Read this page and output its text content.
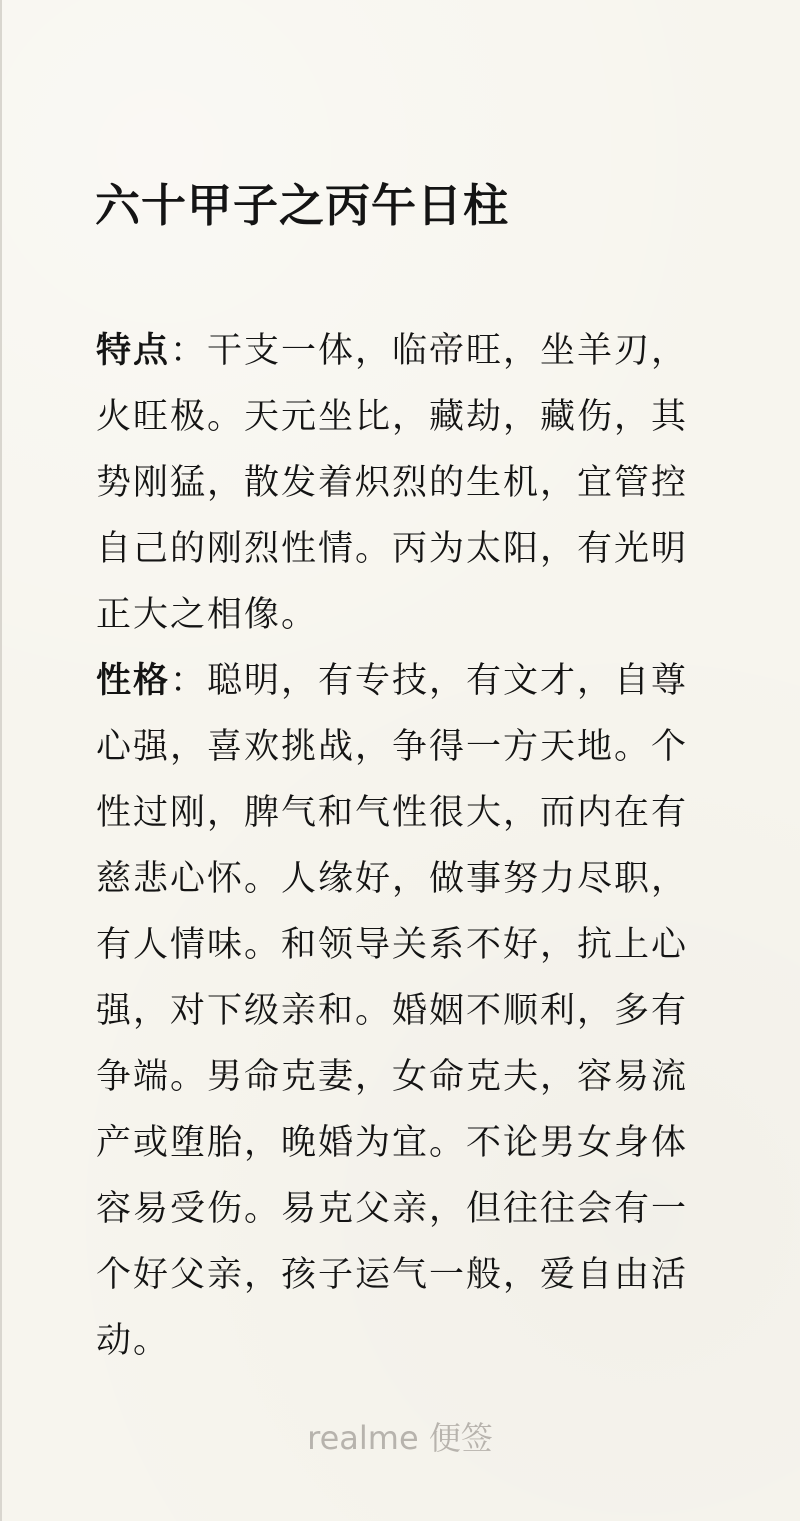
六十甲子之丙午日柱

特点：干支一体，临帝旺，坐羊刃，火旺极。天元坐比，藏劫，藏伤，其势刚猛，散发着炽烈的生机，宜管控自己的刚烈性情。丙为太阳，有光明正大之相像。

性格：聪明，有专技，有文才，自尊心强，喜欢挑战，争得一方天地。个性过刚，脾气和气性很大，而内在有慈悲心怀。人缘好，做事努力尽职，有人情味。和领导关系不好，抗上心强，对下级亲和。婚姻不顺利，多有争端。男命克妻，女命克夫，容易流产或堕胎，晚婚为宜。不论男女身体容易受伤。易克父亲，但往往会有一个好父亲，孩子运气一般，爱自由活动。

realme 便签
